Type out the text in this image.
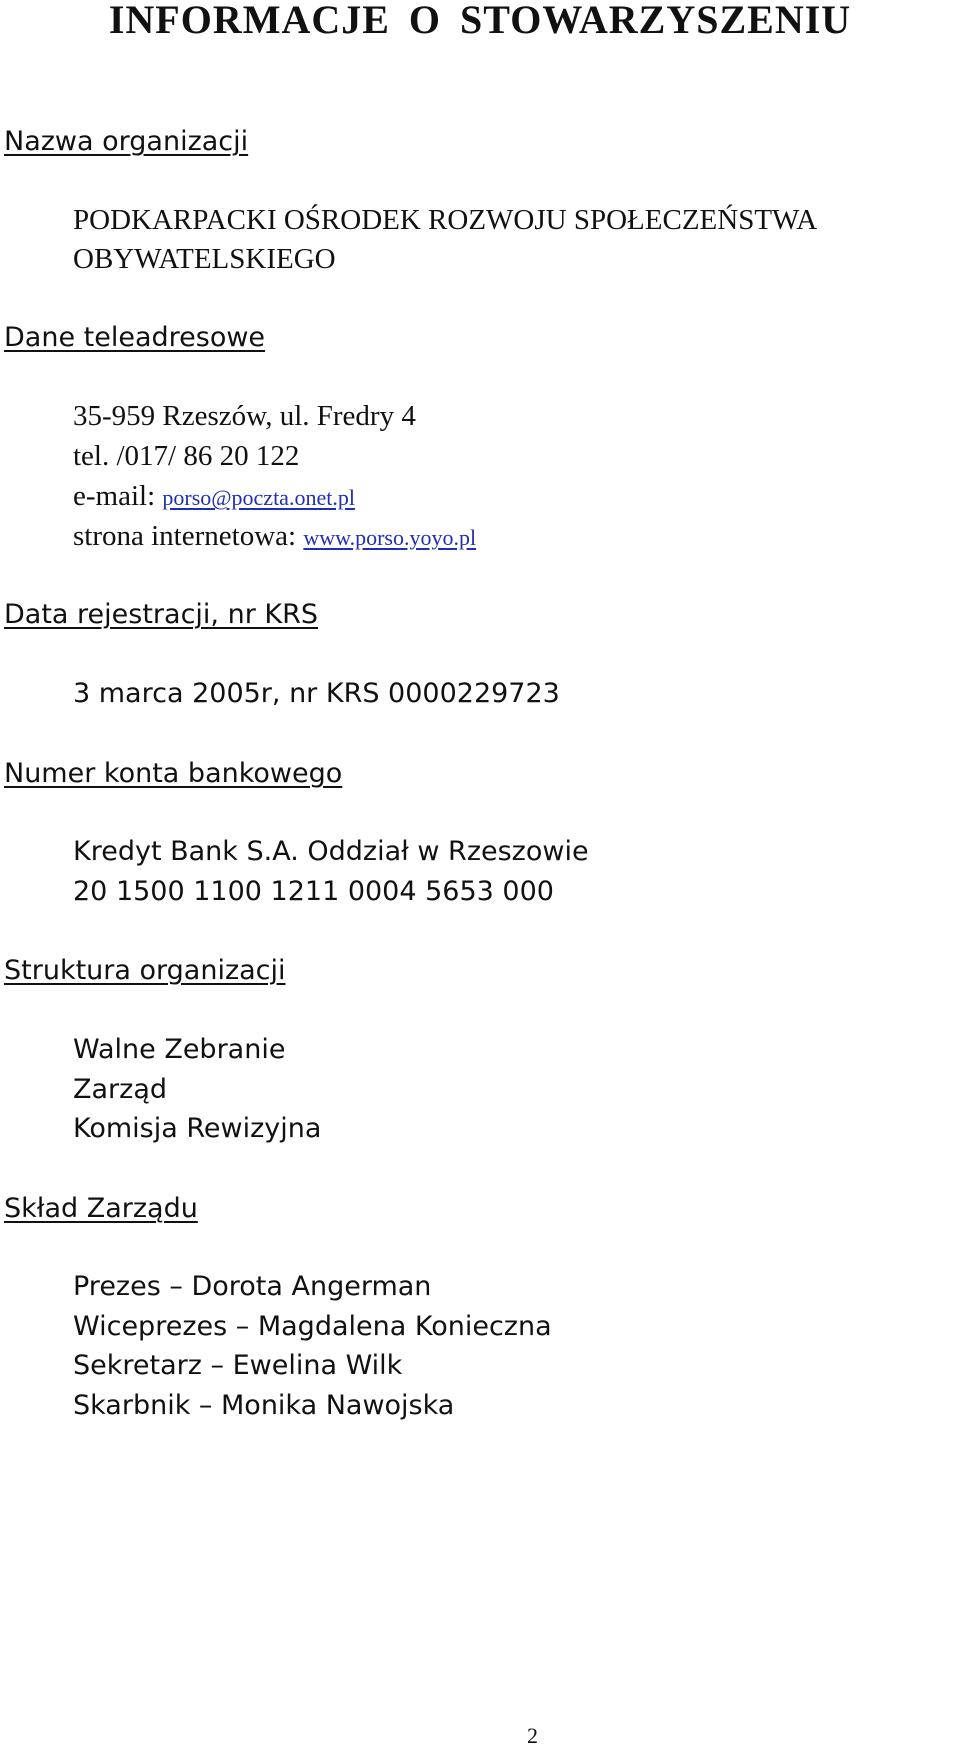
INFORMACJE O STOWARZYSZENIU
Nazwa organizacji
PODKARPACKI OŚRODEK ROZWOJU SPOŁECZEŃSTWA
OBYWATELSKIEGO
Dane teleadresowe
35-959 Rzeszów, ul. Fredry 4
tel. /017/ 86 20 122
e-mail: porso@poczta.onet.pl
strona internetowa: www.porso.yoyo.pl
Data rejestracji, nr KRS
3 marca 2005r, nr KRS 0000229723
Numer konta bankowego
Kredyt Bank S.A. Oddział w Rzeszowie
20 1500 1100 1211 0004 5653 000
Struktura organizacji
Walne Zebranie
Zarząd
Komisja Rewizyjna
Skład Zarządu
Prezes – Dorota Angerman
Wiceprezes – Magdalena Konieczna
Sekretarz – Ewelina Wilk
Skarbnik – Monika Nawojska
2
